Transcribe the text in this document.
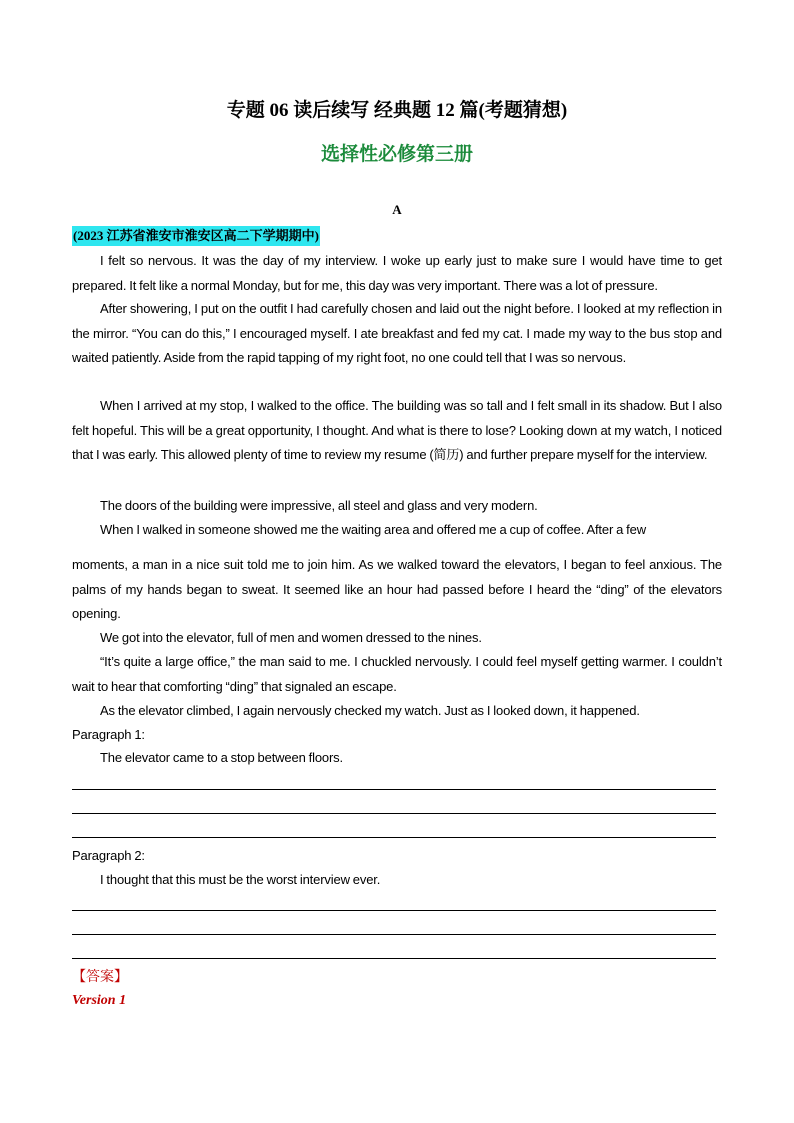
专题 06 读后续写 经典题 12 篇(考题猜想)
选择性必修第三册
A
(2023 江苏省淮安市淮安区高二下学期期中)
I felt so nervous. It was the day of my interview. I woke up early just to make sure I would have time to get prepared. It felt like a normal Monday, but for me, this day was very important. There was a lot of pressure.
After showering, I put on the outfit I had carefully chosen and laid out the night before. I looked at my reflection in the mirror. “You can do this,” I encouraged myself. I ate breakfast and fed my cat. I made my way to the bus stop and waited patiently. Aside from the rapid tapping of my right foot, no one could tell that I was so nervous.
When I arrived at my stop, I walked to the office. The building was so tall and I felt small in its shadow. But I also felt hopeful. This will be a great opportunity, I thought. And what is there to lose? Looking down at my watch, I noticed that I was early. This allowed plenty of time to review my resume (简历) and further prepare myself for the interview.
The doors of the building were impressive, all steel and glass and very modern.
When I walked in someone showed me the waiting area and offered me a cup of coffee. After a few
moments, a man in a nice suit told me to join him. As we walked toward the elevators, I began to feel anxious. The palms of my hands began to sweat. It seemed like an hour had passed before I heard the “ding” of the elevators opening.
We got into the elevator, full of men and women dressed to the nines.
“It’s quite a large office,” the man said to me. I chuckled nervously. I could feel myself getting warmer. I couldn’t wait to hear that comforting “ding” that signaled an escape.
As the elevator climbed, I again nervously checked my watch. Just as I looked down, it happened.
Paragraph 1:
The elevator came to a stop between floors.
Paragraph 2:
I thought that this must be the worst interview ever.
【答案】
Version 1
